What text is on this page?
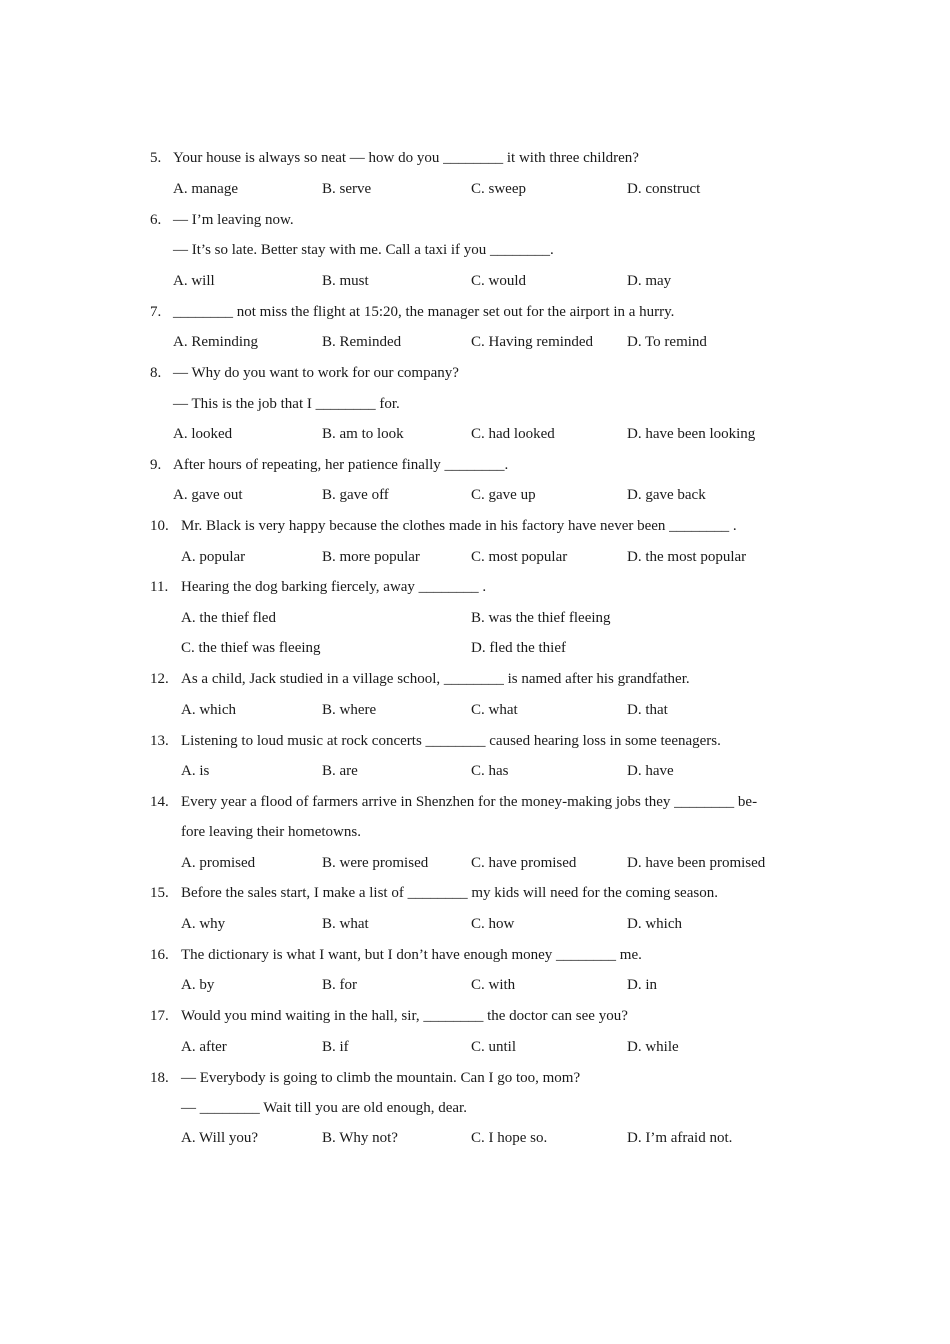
5. Your house is always so neat — how do you ________ it with three children?
A. manage	B. serve	C. sweep	D. construct
6. — I’m leaving now.
— It’s so late. Better stay with me. Call a taxi if you ________.
A. will	B. must	C. would	D. may
7. ________ not miss the flight at 15:20, the manager set out for the airport in a hurry.
A. Reminding	B. Reminded	C. Having reminded D. To remind
8. — Why do you want to work for our company?
— This is the job that I ________ for.
A. looked	B. am to look	C. had looked	D. have been looking
9. After hours of repeating, her patience finally ________.
A. gave out	B. gave off	C. gave up	D. gave back
10. Mr. Black is very happy because the clothes made in his factory have never been ________ .
A. popular	B. more popular	C. most popular	D. the most popular
11. Hearing the dog barking fiercely, away ________ .
A. the thief fled	B. was the thief fleeing
C. the thief was fleeing	D. fled the thief
12. As a child, Jack studied in a village school, ________ is named after his grandfather.
A. which	B. where	C. what	D. that
13. Listening to loud music at rock concerts ________ caused hearing loss in some teenagers.
A. is	B. are	C. has	D. have
14. Every year a flood of farmers arrive in Shenzhen for the money-making jobs they ________ be-
fore leaving their hometowns.
A. promised	B. were promised	C. have promised	D. have been promised
15. Before the sales start, I make a list of ________ my kids will need for the coming season.
A. why	B. what	C. how	D. which
16. The dictionary is what I want, but I don’t have enough money ________ me.
A. by	B. for	C. with	D. in
17. Would you mind waiting in the hall, sir, ________ the doctor can see you?
A. after	B. if	C. until	D. while
18. — Everybody is going to climb the mountain. Can I go too, mom?
— ________ Wait till you are old enough, dear.
A. Will you?	B. Why not?	C. I hope so.	D. I’m afraid not.
